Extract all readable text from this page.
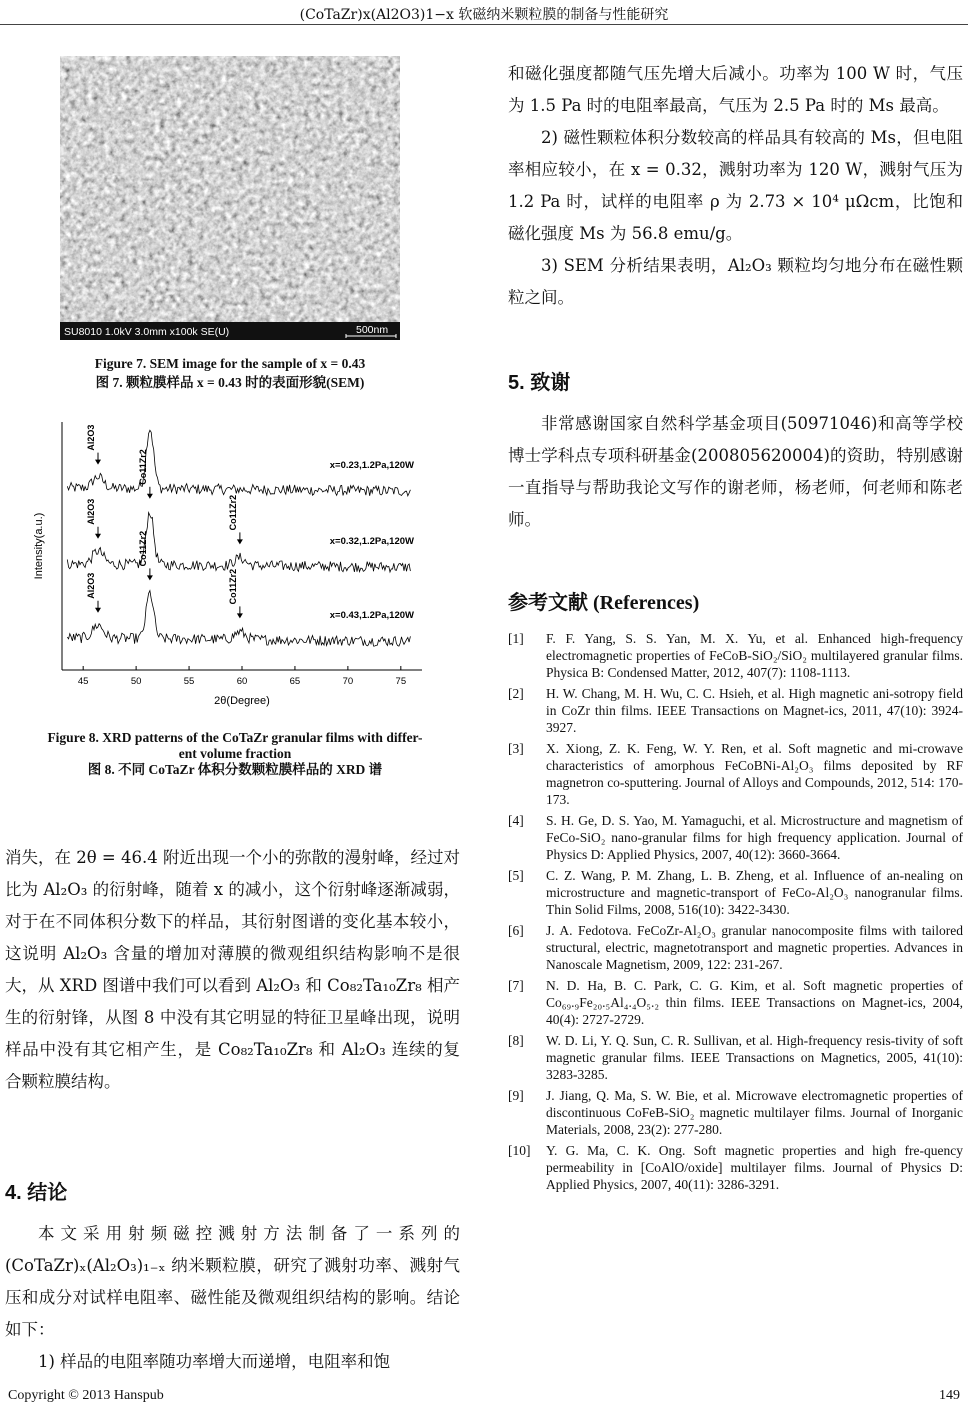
(CoTaZr)x(Al2O3)1−x 软磁纳米颗粒膜的制备与性能研究
SU8010 1.0kV 3.0mm x100k SE(U)	500nm
Figure 7. SEM image for the sample of x = 0.43
图 7. 颗粒膜样品 x = 0.43 时的表面形貌(SEM)
45	50	55	60	65	70	75
2θ(Degree)
Intensity(a.u.)
x=0.23,1.2Pa,120W
Al2O3
x=0.32,1.2Pa,120W
Al2O3
Co11Zr2
Co11Zr2
x=0.43,1.2Pa,120W
Al2O3
Co11Zr2
Co11Zr2
Figure 8. XRD patterns of the CoTaZr granular films with differ-
ent volume fraction
图 8. 不同 CoTaZr 体积分数颗粒膜样品的 XRD 谱
消失，在 2θ = 46.4 附近出现一个小的弥散的漫射峰，经过对比为 Al₂O₃ 的衍射峰，随着 x 的减小，这个衍射峰逐渐减弱，对于在不同体积分数下的样品，其衍射图谱的变化基本较小，这说明 Al₂O₃ 含量的增加对薄膜的微观组织结构影响不是很大，从 XRD 图谱中我们可以看到 Al₂O₃ 和 Co₈₂Ta₁₀Zr₈ 相产生的衍射锋，从图 8 中没有其它明显的特征卫星峰出现，说明样品中没有其它相产生，是 Co₈₂Ta₁₀Zr₈ 和 Al₂O₃ 连续的复合颗粒膜结构。
4. 结论

本文采用射频磁控溅射方法制备了一系列的 (CoTaZr)ₓ(Al₂O₃)₁₋ₓ 纳米颗粒膜，研究了溅射功率、溅射气压和成分对试样电阻率、磁性能及微观组织结构的影响。结论如下：

1) 样品的电阻率随功率增大而递增，电阻率和饱

和磁化强度都随气压先增大后减小。功率为 100 W 时，气压为 1.5 Pa 时的电阻率最高，气压为 2.5 Pa 时的 Ms 最高。

2) 磁性颗粒体积分数较高的样品具有较高的 Ms，但电阻率相应较小，在 x = 0.32，溅射功率为 120 W，溅射气压为 1.2 Pa 时，试样的电阻率 ρ 为 2.73 × 10⁴ μΩcm，比饱和磁化强度 Ms 为 56.8 emu/g。

3) SEM 分析结果表明，Al₂O₃ 颗粒均匀地分布在磁性颗粒之间。

5. 致谢

非常感谢国家自然科学基金项目(50971046)和高等学校博士学科点专项科研基金(200805620004)的资助，特别感谢一直指导与帮助我论文写作的谢老师，杨老师，何老师和陈老师。

参考文献 (References)
[1]	F. F. Yang, S. S. Yan, M. X. Yu, et al. Enhanced high-frequency electromagnetic properties of FeCoB-SiO₂/SiO₂ multilayered granular films. Physica B: Condensed Matter, 2012, 407(7): 1108-1113.
[2]	H. W. Chang, M. H. Wu, C. C. Hsieh, et al. High magnetic ani-sotropy field in CoZr thin films. IEEE Transactions on Magnet-ics, 2011, 47(10): 3924-3927.
[3]	X. Xiong, Z. K. Feng, W. Y. Ren, et al. Soft magnetic and mi-crowave characteristics of amorphous FeCoBNi-Al₂O₃ films deposited by RF magnetron co-sputtering. Journal of Alloys and Compounds, 2012, 514: 170-173.
[4]	S. H. Ge, D. S. Yao, M. Yamaguchi, et al. Microstructure and magnetism of FeCo-SiO₂ nano-granular films for high frequency application. Journal of Physics D: Applied Physics, 2007, 40(12): 3660-3664.
[5]	C. Z. Wang, P. M. Zhang, L. B. Zheng, et al. Influence of an-nealing on microstructure and magnetic-transport of FeCo-Al₂O₃ nanogranular films. Thin Solid Films, 2008, 516(10): 3422-3430.
[6]	J. A. Fedotova. FeCoZr-Al₂O₃ granular nanocomposite films with tailored structural, electric, magnetotransport and magnetic properties. Advances in Nanoscale Magnetism, 2009, 122: 231-267.
[7]	N. D. Ha, B. C. Park, C. G. Kim, et al. Soft magnetic properties of Co₆₉.₉Fe₂₀.₅Al₄.₄O₅.₂ thin films. IEEE Transactions on Magnet-ics, 2004, 40(4): 2727-2729.
[8]	W. D. Li, Y. Q. Sun, C. R. Sullivan, et al. High-frequency resis-tivity of soft magnetic granular films. IEEE Transactions on Magnetics, 2005, 41(10): 3283-3285.
[9]	J. Jiang, Q. Ma, S. W. Bie, et al. Microwave electromagnetic properties of discontinuous CoFeB-SiO₂ magnetic multilayer films. Journal of Inorganic Materials, 2008, 23(2): 277-280.
[10]	Y. G. Ma, C. K. Ong. Soft magnetic properties and high fre-quency permeability in [CoAlO/oxide] multilayer films. Journal of Physics D: Applied Physics, 2007, 40(11): 3286-3291.
Copyright © 2013 Hanspub	149
